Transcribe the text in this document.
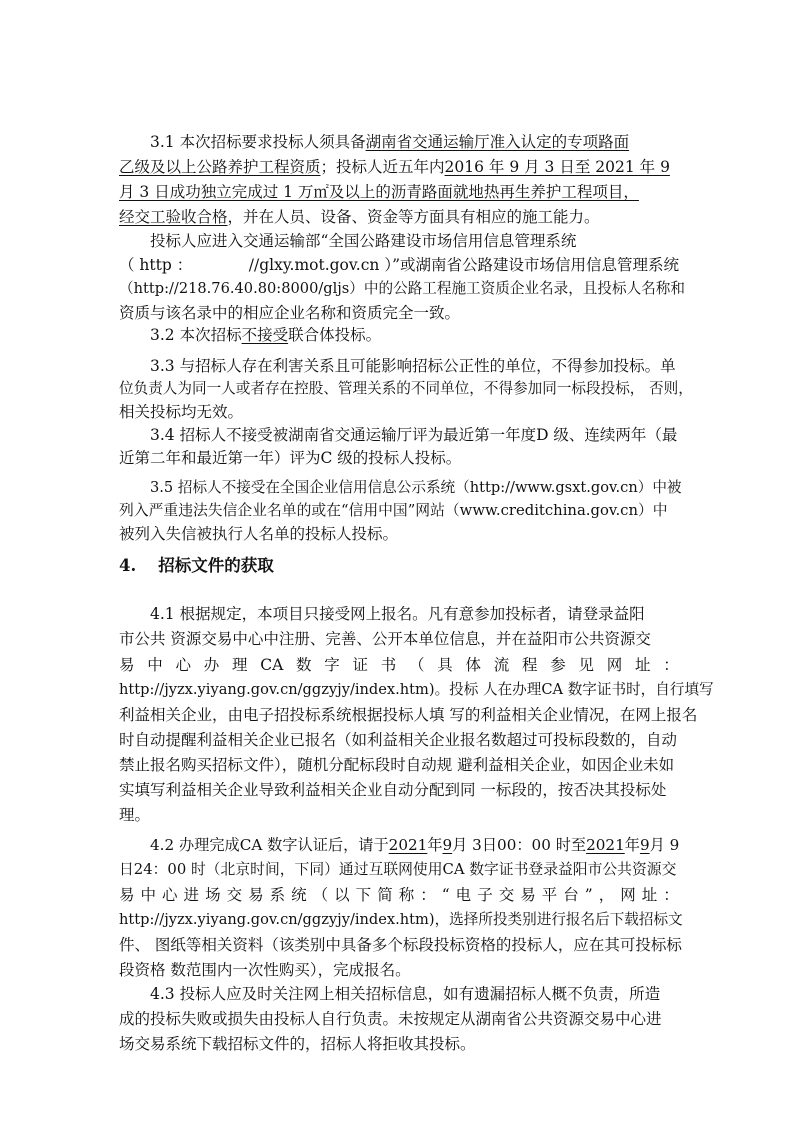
3.1 本次招标要求投标人须具备湖南省交通运输厅准入认定的专项路面
乙级及以上公路养护工程资质；投标人近五年内2016 年 9 月 3 日至 2021 年 9
月 3 日成功独立完成过 1 万㎡及以上的沥青路面就地热再生养护工程项目，
经交工验收合格，并在人员、设备、资金等方面具有相应的施工能力。
投标人应进入交通运输部“全国公路建设市场信用信息管理系统
（ http ：	//glxy.mot.gov.cn ）”或湖南省公路建设市场信用信息管理系统
（http://218.76.40.80:8000/gljs）中的公路工程施工资质企业名录，且投标人名称和
资质与该名录中的相应企业名称和资质完全一致。
3.2 本次招标不接受联合体投标。
3.3 与招标人存在利害关系且可能影响招标公正性的单位，不得参加投标。单
位负责人为同一人或者存在控股、管理关系的不同单位，不得参加同一标段投标， 否则，
相关投标均无效。
3.4 招标人不接受被湖南省交通运输厅评为最近第一年度D 级、连续两年（最
近第二年和最近第一年）评为C 级的投标人投标。
3.5 招标人不接受在全国企业信用信息公示系统（http://www.gsxt.gov.cn）中被
列入严重违法失信企业名单的或在“信用中国”网站（www.creditchina.gov.cn）中
被列入失信被执行人名单的投标人投标。
4. 招标文件的获取
4.1 根据规定，本项目只接受网上报名。凡有意参加投标者，请登录益阳
市公共 资源交易中心中注册、完善、公开本单位信息，并在益阳市公共资源交
易 中 心 办 理 CA 数 字 证 书 （ 具 体 流 程 参 见 网 址 ：
http://jyzx.yiyang.gov.cn/ggzyjy/index.htm)。投标 人在办理CA 数字证书时，自行填写
利益相关企业，由电子招投标系统根据投标人填 写的利益相关企业情况，在网上报名
时自动提醒利益相关企业已报名（如利益相关企业报名数超过可投标段数的，自动
禁止报名购买招标文件），随机分配标段时自动规 避利益相关企业，如因企业未如
实填写利益相关企业导致利益相关企业自动分配到同 一标段的，按否决其投标处
理。
4.2 办理完成CA 数字认证后，请于2021年9月 3日00：00 时至2021年9月 9
日24：00 时（北京时间，下同）通过互联网使用CA 数字证书登录益阳市公共资源交
易 中 心 进 场 交 易 系 统 （ 以 下 简 称 ： “ 电 子 交 易 平 台 ” ， 网 址 ：
http://jyzx.yiyang.gov.cn/ggzyjy/index.htm)，选择所投类别进行报名后下载招标文
件、 图纸等相关资料（该类别中具备多个标段投标资格的投标人，应在其可投标标
段资格 数范围内一次性购买），完成报名。
4.3 投标人应及时关注网上相关招标信息，如有遗漏招标人概不负责，所造
成的投标失败或损失由投标人自行负责。未按规定从湖南省公共资源交易中心进
场交易系统下载招标文件的，招标人将拒收其投标。
